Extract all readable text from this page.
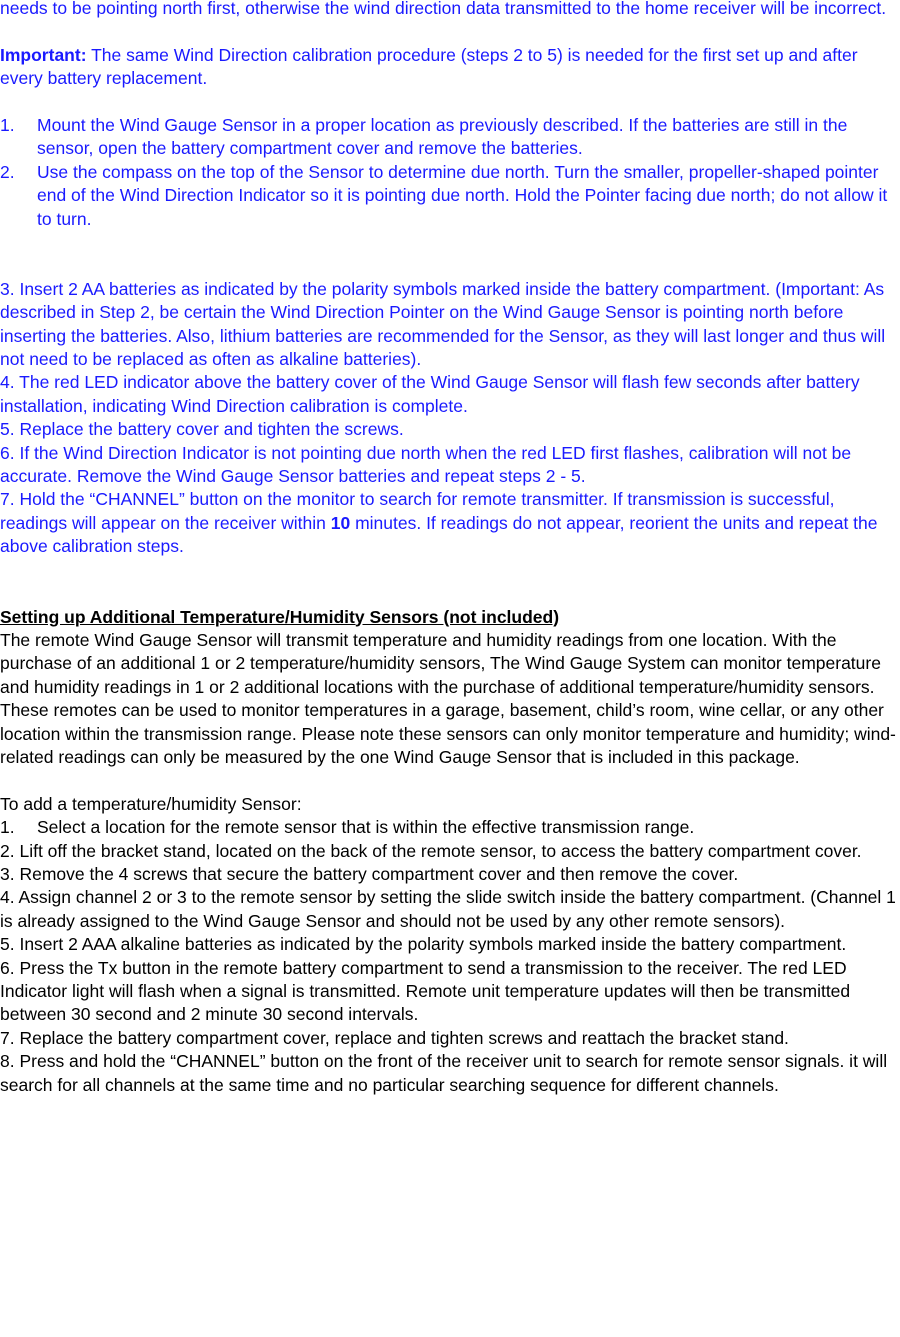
needs to be pointing north first, otherwise the wind direction data transmitted to the home receiver will be incorrect.

Important: The same Wind Direction calibration procedure (steps 2 to 5) is needed for the first set up and after every battery replacement.

1. Mount the Wind Gauge Sensor in a proper location as previously described. If the batteries are still in the sensor, open the battery compartment cover and remove the batteries.
2. Use the compass on the top of the Sensor to determine due north. Turn the smaller, propeller-shaped pointer end of the Wind Direction Indicator so it is pointing due north. Hold the Pointer facing due north; do not allow it to turn.

3. Insert 2 AA batteries as indicated by the polarity symbols marked inside the battery compartment. (Important: As described in Step 2, be certain the Wind Direction Pointer on the Wind Gauge Sensor is pointing north before inserting the batteries. Also, lithium batteries are recommended for the Sensor, as they will last longer and thus will not need to be replaced as often as alkaline batteries).

4. The red LED indicator above the battery cover of the Wind Gauge Sensor will flash few seconds after battery installation, indicating Wind Direction calibration is complete.

5. Replace the battery cover and tighten the screws.

6. If the Wind Direction Indicator is not pointing due north when the red LED first flashes, calibration will not be accurate. Remove the Wind Gauge Sensor batteries and repeat steps 2 - 5.

7. Hold the “CHANNEL” button on the monitor to search for remote transmitter. If transmission is successful, readings will appear on the receiver within 10 minutes. If readings do not appear, reorient the units and repeat the above calibration steps.

Setting up Additional Temperature/Humidity Sensors (not included)

The remote Wind Gauge Sensor will transmit temperature and humidity readings from one location. With the purchase of an additional 1 or 2 temperature/humidity sensors, The Wind Gauge System can monitor temperature and humidity readings in 1 or 2 additional locations with the purchase of additional temperature/humidity sensors. These remotes can be used to monitor temperatures in a garage, basement, child’s room, wine cellar, or any other location within the transmission range. Please note these sensors can only monitor temperature and humidity; wind-related readings can only be measured by the one Wind Gauge Sensor that is included in this package.

To add a temperature/humidity Sensor:

1. Select a location for the remote sensor that is within the effective transmission range.

2. Lift off the bracket stand, located on the back of the remote sensor, to access the battery compartment cover.

3. Remove the 4 screws that secure the battery compartment cover and then remove the cover.

4. Assign channel 2 or 3 to the remote sensor by setting the slide switch inside the battery compartment. (Channel 1 is already assigned to the Wind Gauge Sensor and should not be used by any other remote sensors).

5. Insert 2 AAA alkaline batteries as indicated by the polarity symbols marked inside the battery compartment.

6. Press the Tx button in the remote battery compartment to send a transmission to the receiver. The red LED Indicator light will flash when a signal is transmitted. Remote unit temperature updates will then be transmitted between 30 second and 2 minute 30 second intervals.

7. Replace the battery compartment cover, replace and tighten screws and reattach the bracket stand.

8. Press and hold the “CHANNEL” button on the front of the receiver unit to search for remote sensor signals. it will search for all channels at the same time and no particular searching sequence for different channels.
